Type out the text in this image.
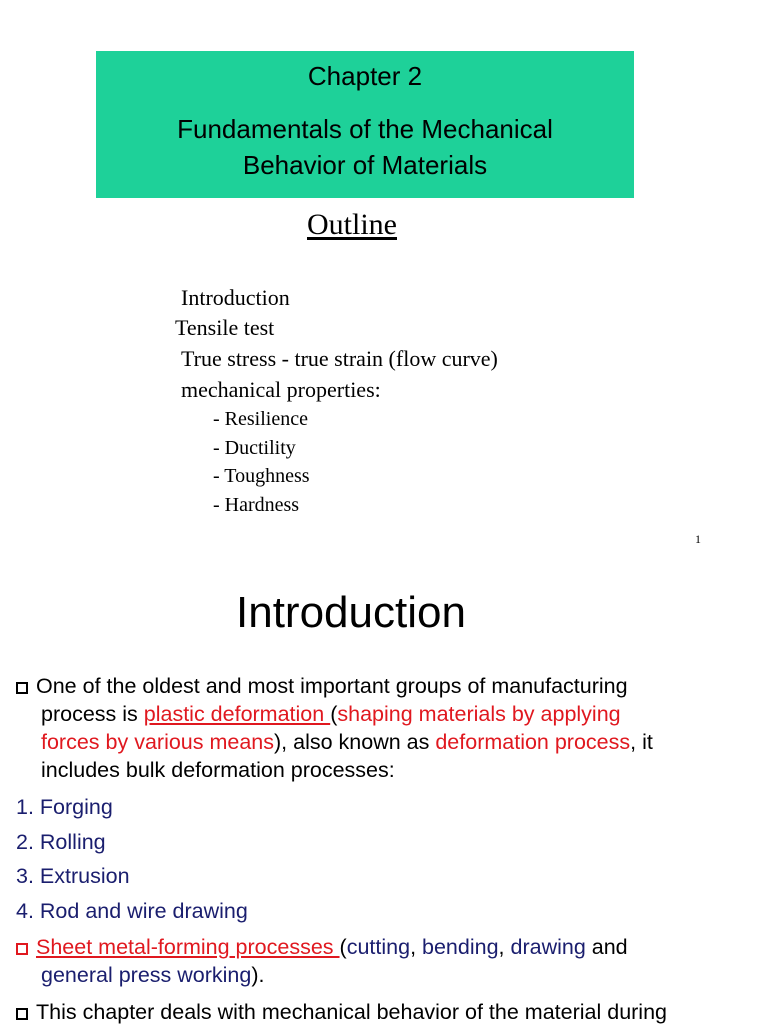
Chapter 2
Fundamentals of the Mechanical
Behavior of Materials
Outline
Introduction
Tensile test
True stress - true strain (flow curve)
mechanical properties:
- Resilience
- Ductility
- Toughness
- Hardness
1
Introduction
One of the oldest and most important groups of manufacturing
process is plastic deformation (shaping materials by applying
forces by various means), also known as deformation process, it
includes bulk deformation processes:
1. Forging
2. Rolling
3. Extrusion
4. Rod and wire drawing
Sheet metal-forming processes (cutting, bending, drawing and
general press working).
This chapter deals with mechanical behavior of the material during
